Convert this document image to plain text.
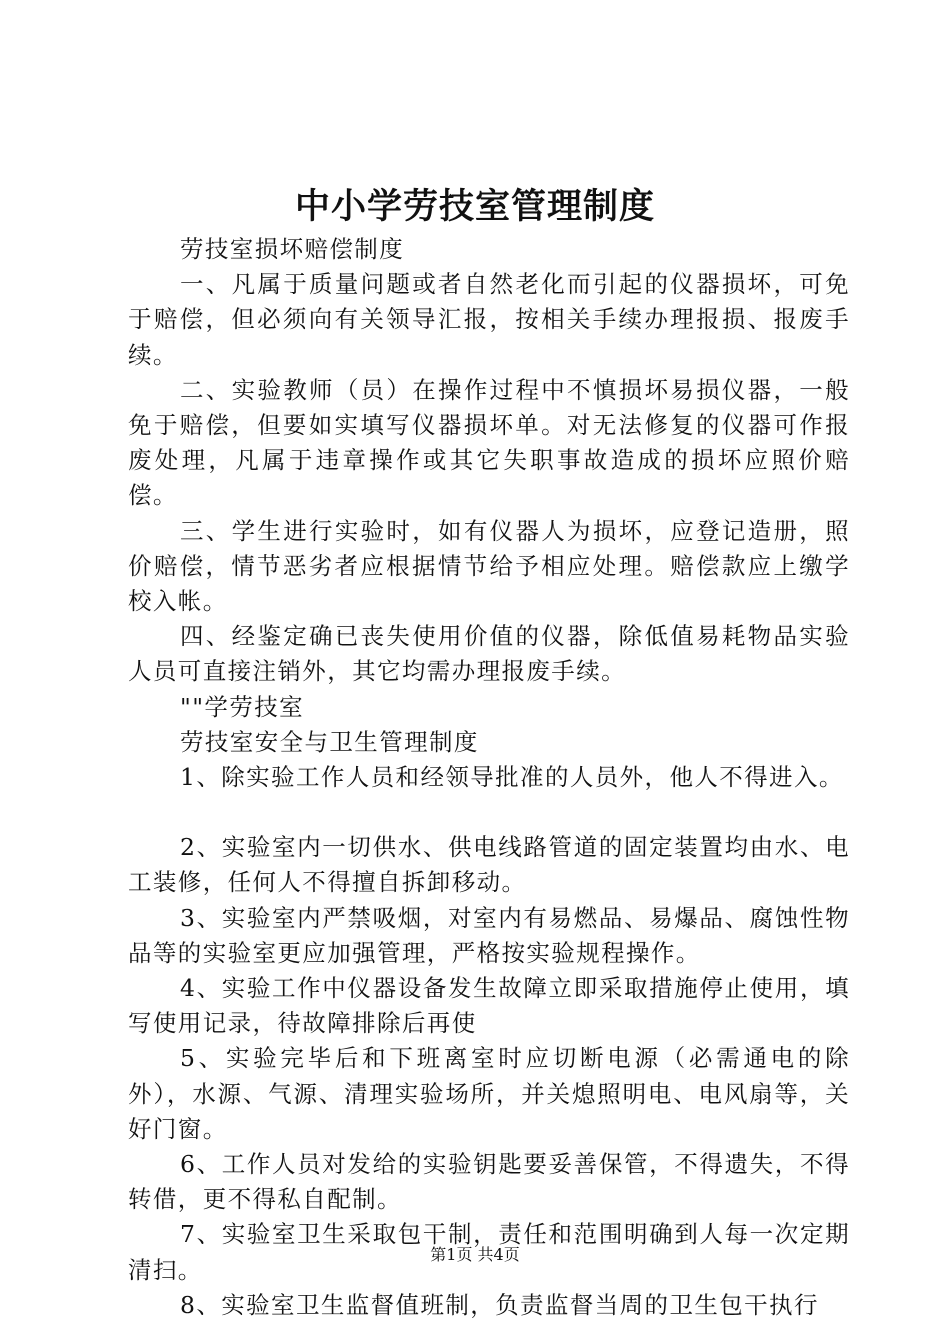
中小学劳技室管理制度

劳技室损坏赔偿制度

一、凡属于质量问题或者自然老化而引起的仪器损坏，可免于赔偿，但必须向有关领导汇报，按相关手续办理报损、报废手续。

二、实验教师（员）在操作过程中不慎损坏易损仪器，一般免于赔偿，但要如实填写仪器损坏单。对无法修复的仪器可作报废处理，凡属于违章操作或其它失职事故造成的损坏应照价赔偿。

三、学生进行实验时，如有仪器人为损坏，应登记造册，照价赔偿，情节恶劣者应根据情节给予相应处理。赔偿款应上缴学校入帐。

四、经鉴定确已丧失使用价值的仪器，除低值易耗物品实验人员可直接注销外，其它均需办理报废手续。

""学劳技室

劳技室安全与卫生管理制度

1、除实验工作人员和经领导批准的人员外，他人不得进入。

2、实验室内一切供水、供电线路管道的固定装置均由水、电工装修，任何人不得擅自拆卸移动。

3、实验室内严禁吸烟，对室内有易燃品、易爆品、腐蚀性物品等的实验室更应加强管理，严格按实验规程操作。

4、实验工作中仪器设备发生故障立即采取措施停止使用，填写使用记录，待故障排除后再使

5、实验完毕后和下班离室时应切断电源（必需通电的除外），水源、气源、清理实验场所，并关熄照明电、电风扇等，关好门窗。

6、工作人员对发给的实验钥匙要妥善保管，不得遗失，不得转借，更不得私自配制。

7、实验室卫生采取包干制，责任和范围明确到人每一次定期清扫。

8、实验室卫生监督值班制，负责监督当周的卫生包干执行

第1页 共4页
